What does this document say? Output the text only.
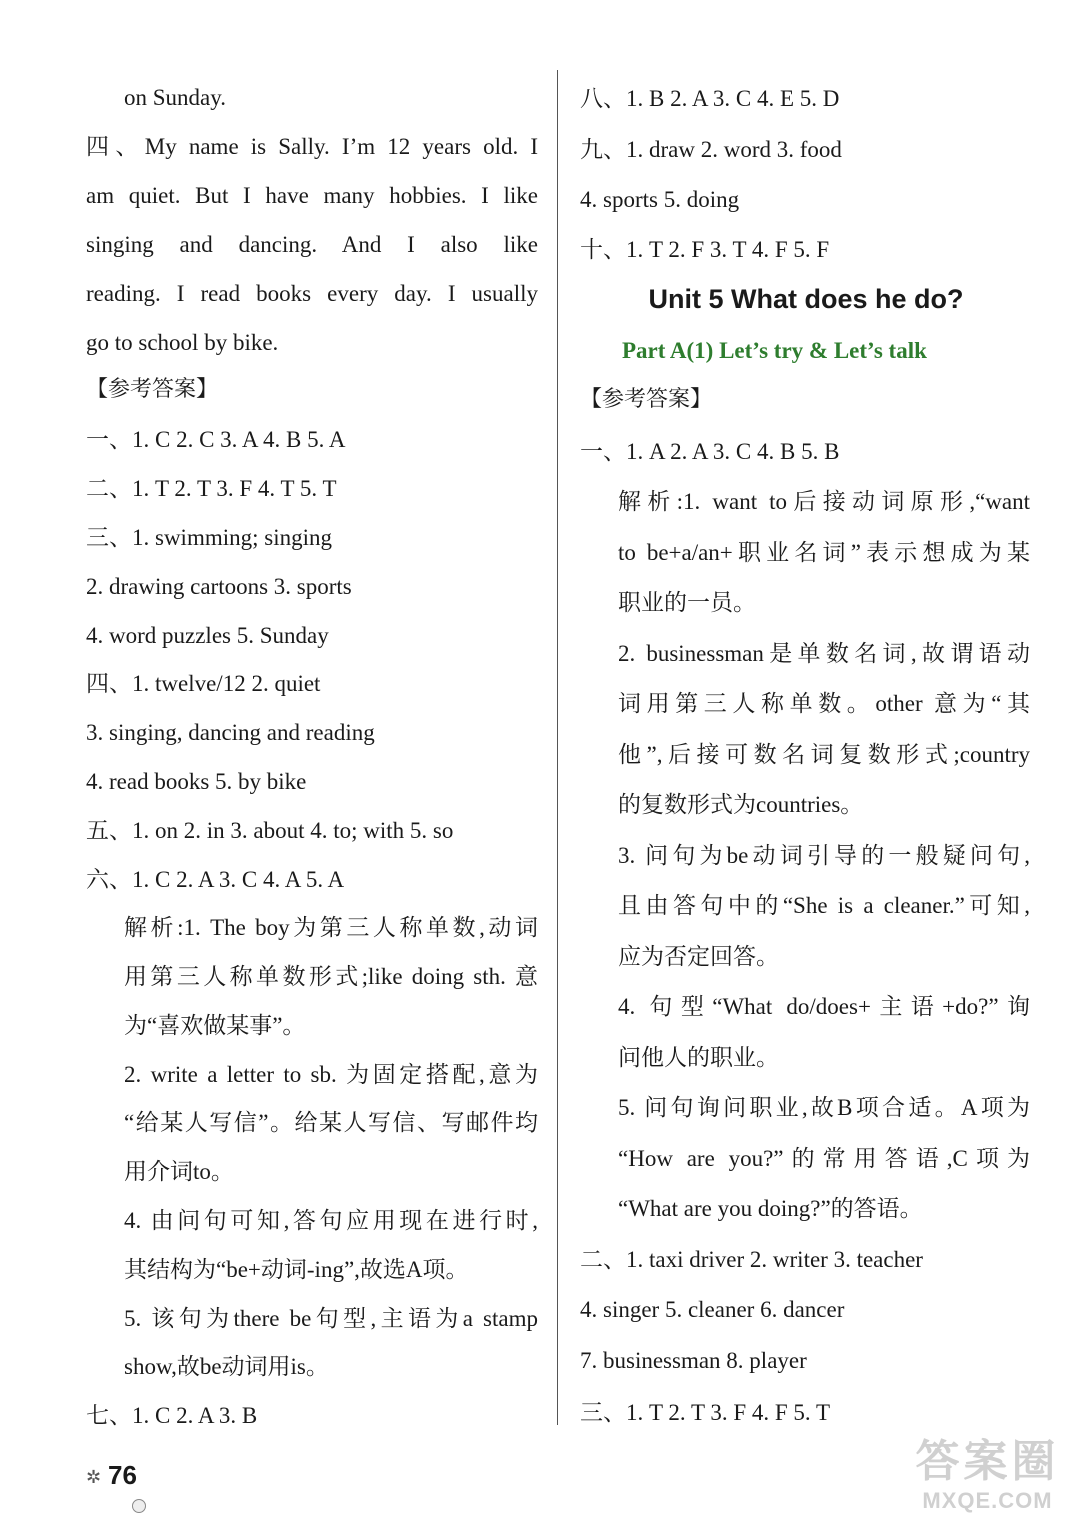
on Sunday.
四、My name is Sally. I’m 12 years old. I
am quiet. But I have many hobbies. I like
singing and dancing. And I also like
reading. I read books every day. I usually
go to school by bike.
【参考答案】
一、1. C 2. C 3. A 4. B 5. A
二、1. T 2. T 3. F 4. T 5. T
三、1. swimming; singing
2. drawing cartoons 3. sports
4. word puzzles 5. Sunday
四、1. twelve/12 2. quiet
3. singing, dancing and reading
4. read books 5. by bike
五、1. on 2. in 3. about 4. to; with 5. so
六、1. C 2. A 3. C 4. A 5. A
解析:1. The boy为第三人称单数,动词
用第三人称单数形式;like doing sth. 意
为“喜欢做某事”。
2. write a letter to sb. 为固定搭配,意为
“给某人写信”。给某人写信、写邮件均
用介词to。
4. 由问句可知,答句应用现在进行时,
其结构为“be+动词-ing”,故选A项。
5. 该句为there be句型,主语为a stamp
show,故be动词用is。
七、1. C 2. A 3. B
八、1. B 2. A 3. C 4. E 5. D
九、1. draw 2. word 3. food
4. sports 5. doing
十、1. T 2. F 3. T 4. F 5. F
Unit 5 What does he do?
Part A(1) Let’s try & Let’s talk
【参考答案】
一、1. A 2. A 3. C 4. B 5. B
解析:1. want to后接动词原形,“want
to be+a/an+职业名词”表示想成为某
职业的一员。
2. businessman是单数名词,故谓语动
词用第三人称单数。other 意为“其
他”,后接可数名词复数形式;country
的复数形式为countries。
3. 问句为be动词引导的一般疑问句,
且由答句中的“She is a cleaner.”可知,
应为否定回答。
4. 句型“What do/does+主语+do?”询
问他人的职业。
5. 问句询问职业,故B项合适。A项为
“How are you?”的常用答语,C项为
“What are you doing?”的答语。
二、1. taxi driver 2. writer 3. teacher
4. singer 5. cleaner 6. dancer
7. businessman 8. player
三、1. T 2. T 3. F 4. F 5. T
✲ 76	答案圈
MXQE.COM
